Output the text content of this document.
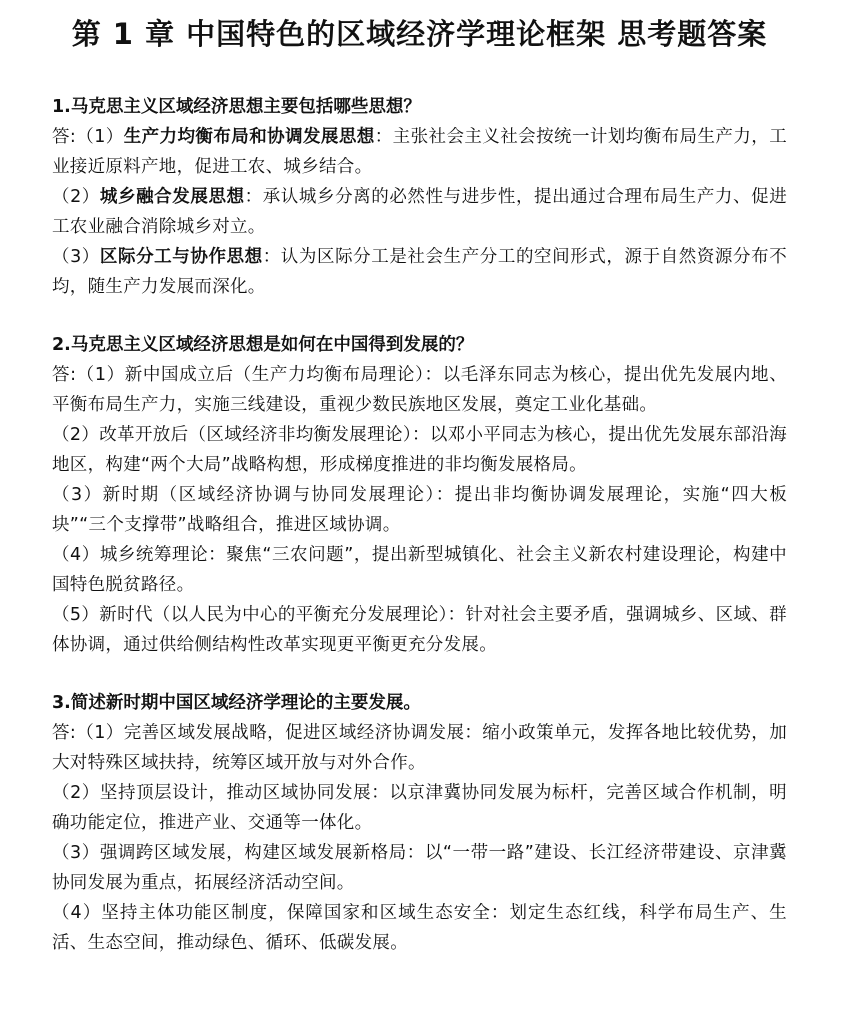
第 1 章 中国特色的区域经济学理论框架 思考题答案

1.马克思主义区域经济思想主要包括哪些思想？

答:（1）生产力均衡布局和协调发展思想：主张社会主义社会按统一计划均衡布局生产力，工业接近原料产地，促进工农、城乡结合。

（2）城乡融合发展思想：承认城乡分离的必然性与进步性，提出通过合理布局生产力、促进工农业融合消除城乡对立。

（3）区际分工与协作思想：认为区际分工是社会生产分工的空间形式，源于自然资源分布不均，随生产力发展而深化。

2.马克思主义区域经济思想是如何在中国得到发展的？

答:（1）新中国成立后（生产力均衡布局理论）：以毛泽东同志为核心，提出优先发展内地、平衡布局生产力，实施三线建设，重视少数民族地区发展，奠定工业化基础。

（2）改革开放后（区域经济非均衡发展理论）：以邓小平同志为核心，提出优先发展东部沿海地区，构建“两个大局”战略构想，形成梯度推进的非均衡发展格局。

（3）新时期（区域经济协调与协同发展理论）：提出非均衡协调发展理论，实施“四大板块”“三个支撑带”战略组合，推进区域协调。

（4）城乡统筹理论：聚焦“三农问题”，提出新型城镇化、社会主义新农村建设理论，构建中国特色脱贫路径。

（5）新时代（以人民为中心的平衡充分发展理论）：针对社会主要矛盾，强调城乡、区域、群体协调，通过供给侧结构性改革实现更平衡更充分发展。

3.简述新时期中国区域经济学理论的主要发展。

答:（1）完善区域发展战略，促进区域经济协调发展：缩小政策单元，发挥各地比较优势，加大对特殊区域扶持，统筹区域开放与对外合作。

（2）坚持顶层设计，推动区域协同发展：以京津冀协同发展为标杆，完善区域合作机制，明确功能定位，推进产业、交通等一体化。

（3）强调跨区域发展，构建区域发展新格局：以“一带一路”建设、长江经济带建设、京津冀协同发展为重点，拓展经济活动空间。

（4）坚持主体功能区制度，保障国家和区域生态安全：划定生态红线，科学布局生产、生活、生态空间，推动绿色、循环、低碳发展。
